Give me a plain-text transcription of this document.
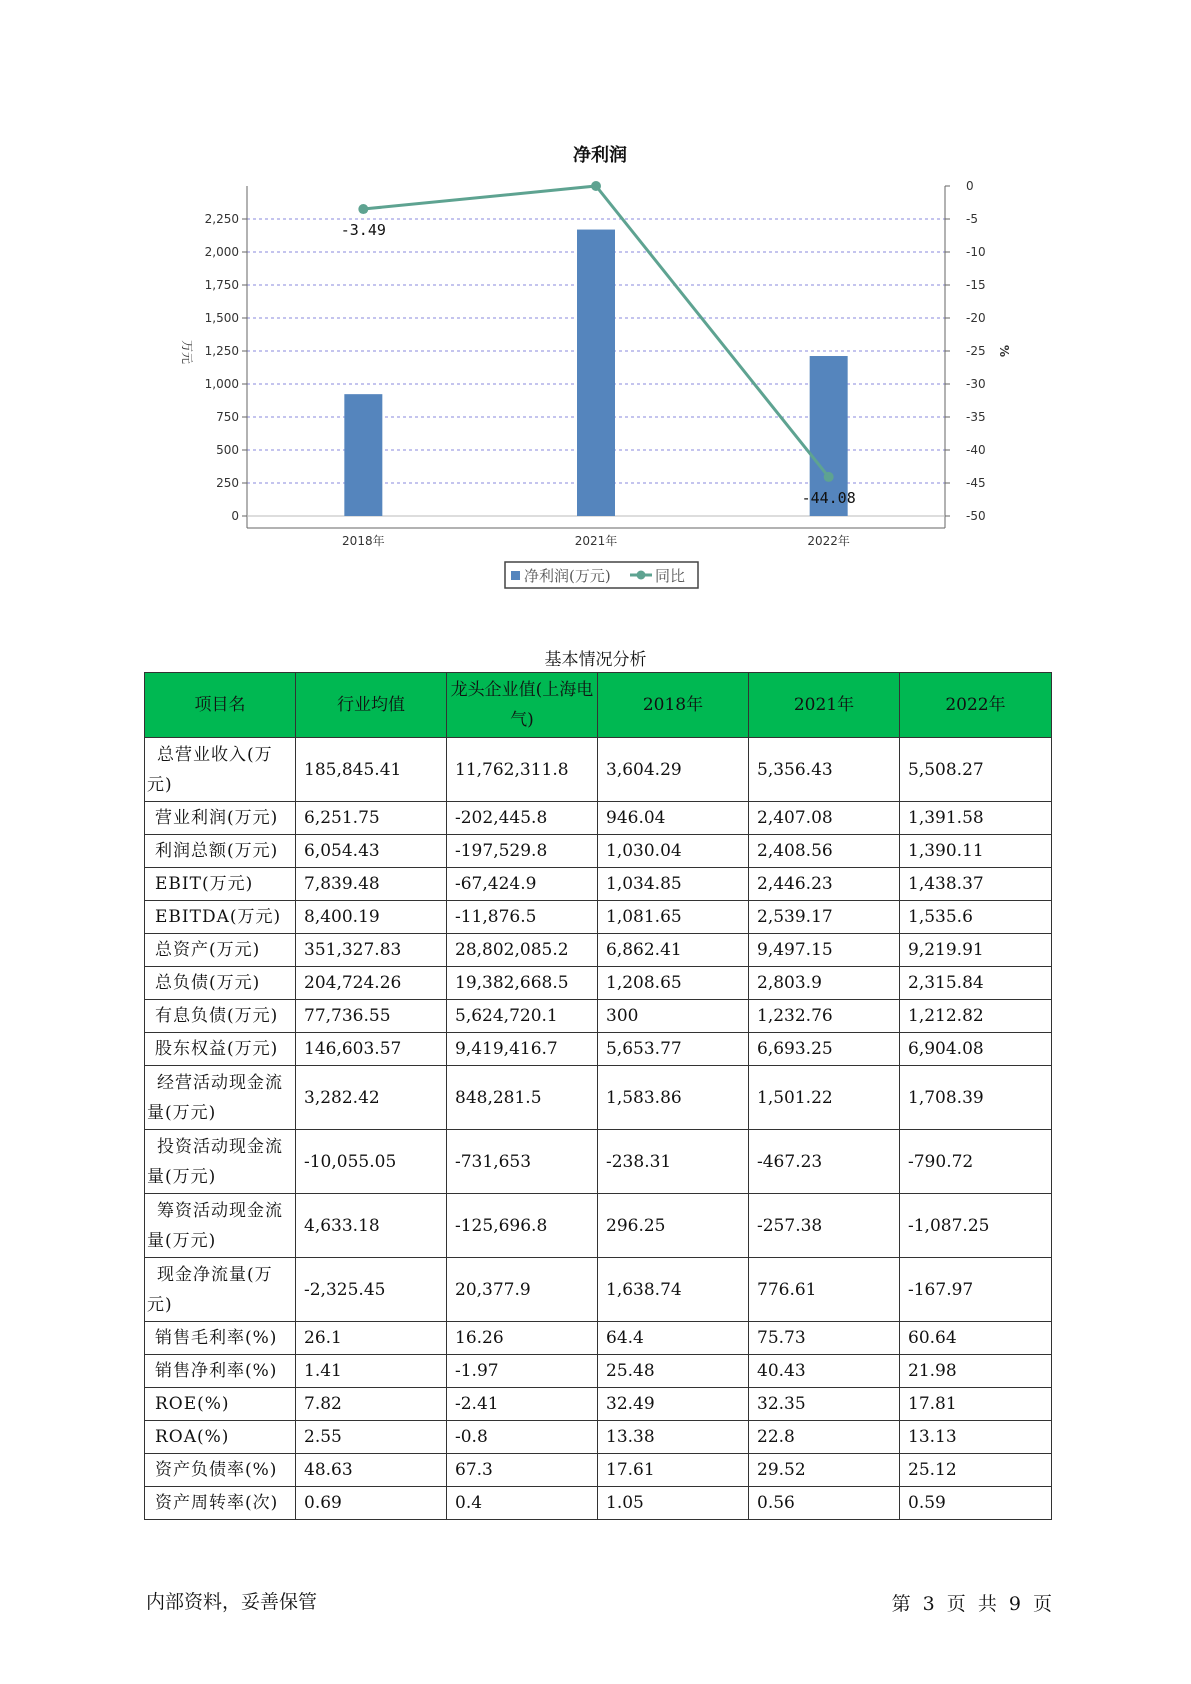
净利润
0
250
500
750
1,000
1,250
1,500
1,750
2,000
2,250
0
-5
-10
-15
-20
-25
-30
-35
-40
-45
-50
万元	%
2018年	2021年	2022年
-3.49
-44.08
净利润(万元)	同比
基本情况分析
项目名	行业均值	龙头企业值(上海电气)	2018年	2021年	2022年
总营业收入(万元)	185,845.41	11,762,311.8	3,604.29	5,356.43	5,508.27
营业利润(万元)	6,251.75	-202,445.8	946.04	2,407.08	1,391.58
利润总额(万元)	6,054.43	-197,529.8	1,030.04	2,408.56	1,390.11
EBIT(万元)	7,839.48	-67,424.9	1,034.85	2,446.23	1,438.37
EBITDA(万元)	8,400.19	-11,876.5	1,081.65	2,539.17	1,535.6
总资产(万元)	351,327.83	28,802,085.2	6,862.41	9,497.15	9,219.91
总负债(万元)	204,724.26	19,382,668.5	1,208.65	2,803.9	2,315.84
有息负债(万元)	77,736.55	5,624,720.1	300	1,232.76	1,212.82
股东权益(万元)	146,603.57	9,419,416.7	5,653.77	6,693.25	6,904.08
经营活动现金流量(万元)	3,282.42	848,281.5	1,583.86	1,501.22	1,708.39
投资活动现金流量(万元)	-10,055.05	-731,653	-238.31	-467.23	-790.72
筹资活动现金流量(万元)	4,633.18	-125,696.8	296.25	-257.38	-1,087.25
现金净流量(万元)	-2,325.45	20,377.9	1,638.74	776.61	-167.97
销售毛利率(%)	26.1	16.26	64.4	75.73	60.64
销售净利率(%)	1.41	-1.97	25.48	40.43	21.98
ROE(%)	7.82	-2.41	32.49	32.35	17.81
ROA(%)	2.55	-0.8	13.38	22.8	13.13
资产负债率(%)	48.63	67.3	17.61	29.52	25.12
资产周转率(次)	0.69	0.4	1.05	0.56	0.59
内部资料，妥善保管	第 3 页 共 9 页
